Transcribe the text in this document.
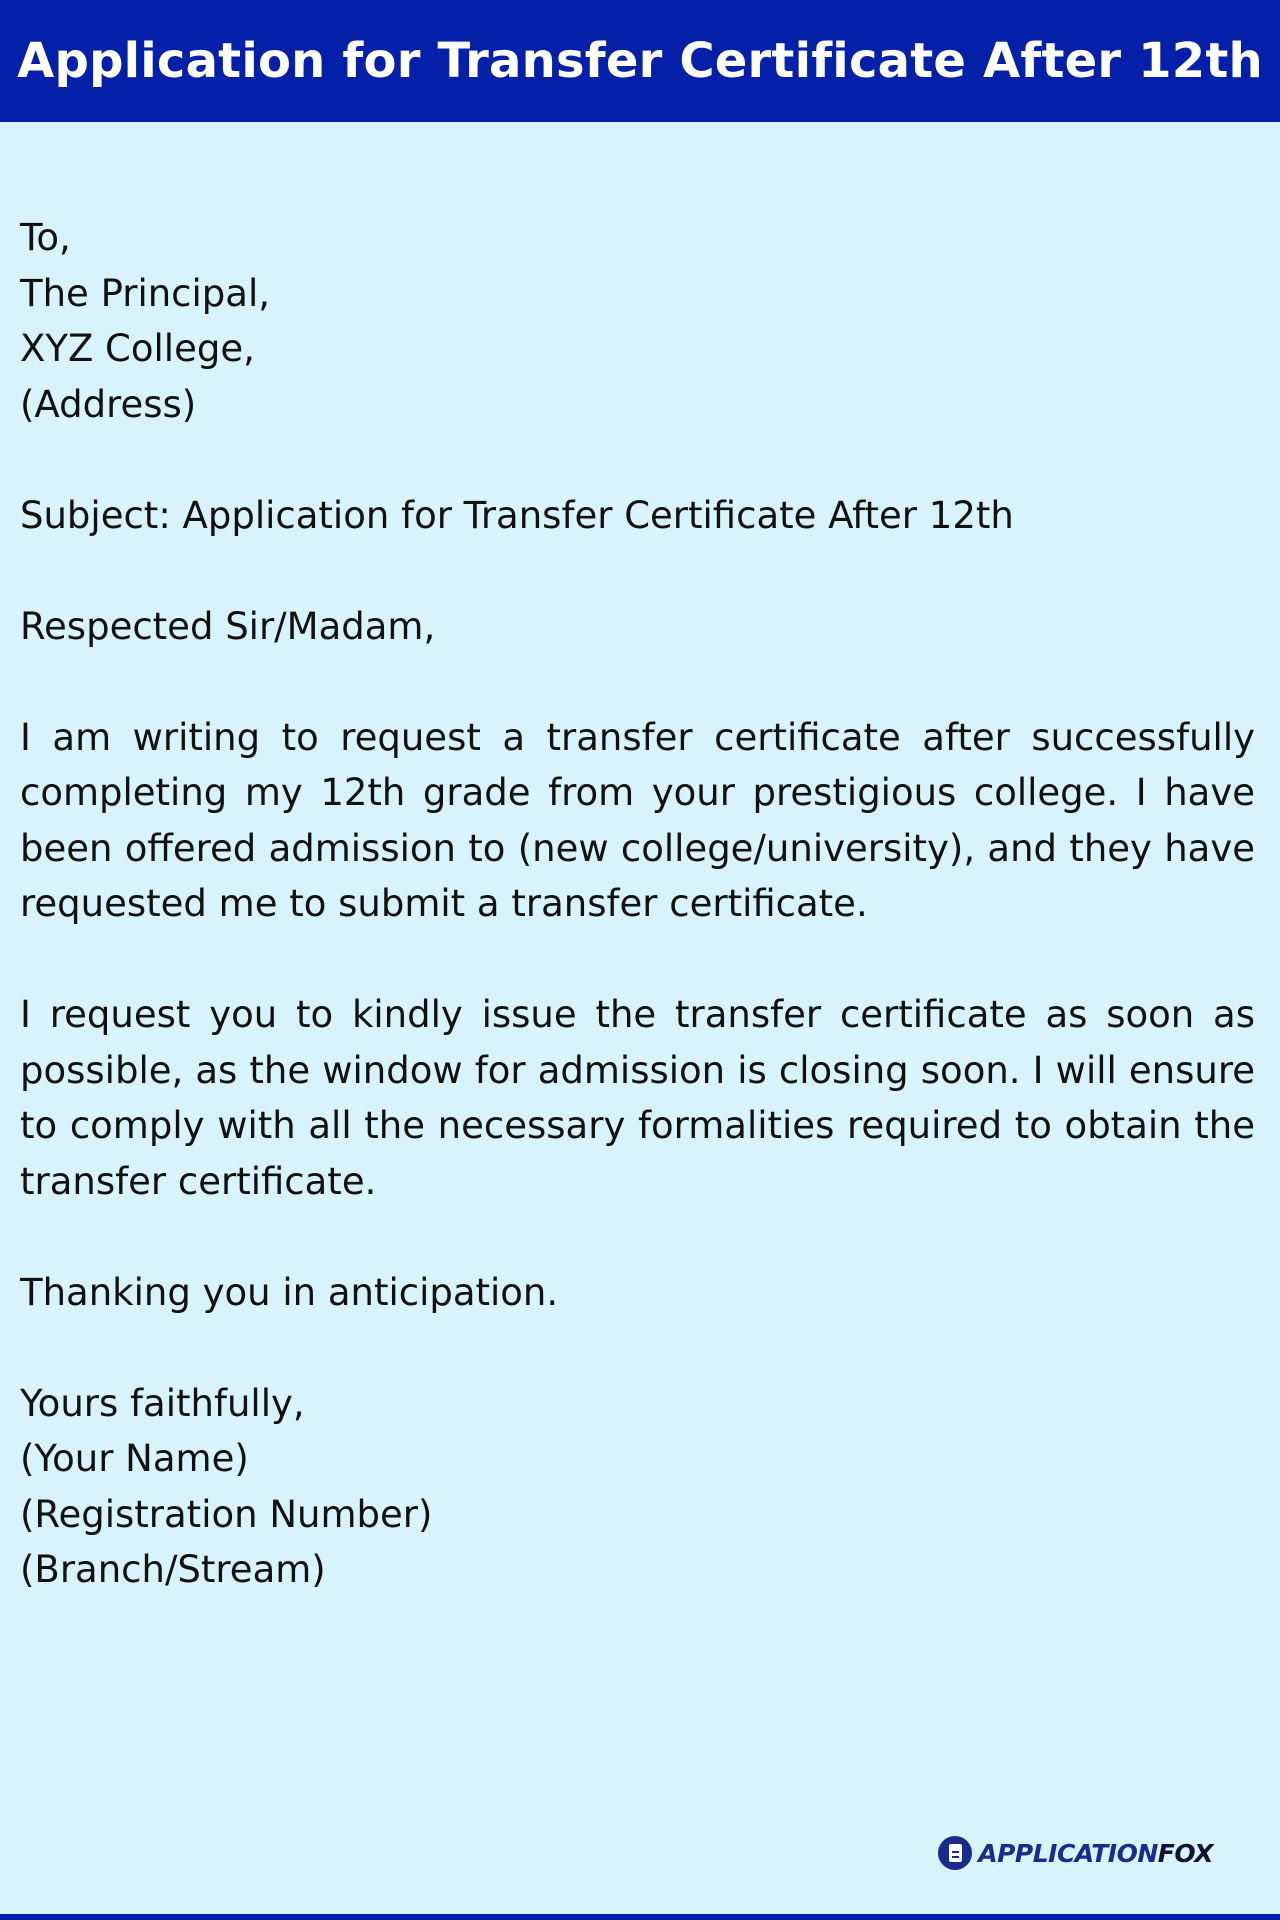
Application for Transfer Certificate After 12th

To,

The Principal,

XYZ College,

(Address)

Subject: Application for Transfer Certificate After 12th

Respected Sir/Madam,

I am writing to request a transfer certificate after successfully completing my 12th grade from your prestigious college. I have been offered admission to (new college/university), and they have requested me to submit a transfer certificate.

I request you to kindly issue the transfer certificate as soon as possible, as the window for admission is closing soon. I will ensure to comply with all the necessary formalities required to obtain the transfer certificate.

Thanking you in anticipation.

Yours faithfully,

(Your Name)

(Registration Number)

(Branch/Stream)

APPLICATIONFOX
